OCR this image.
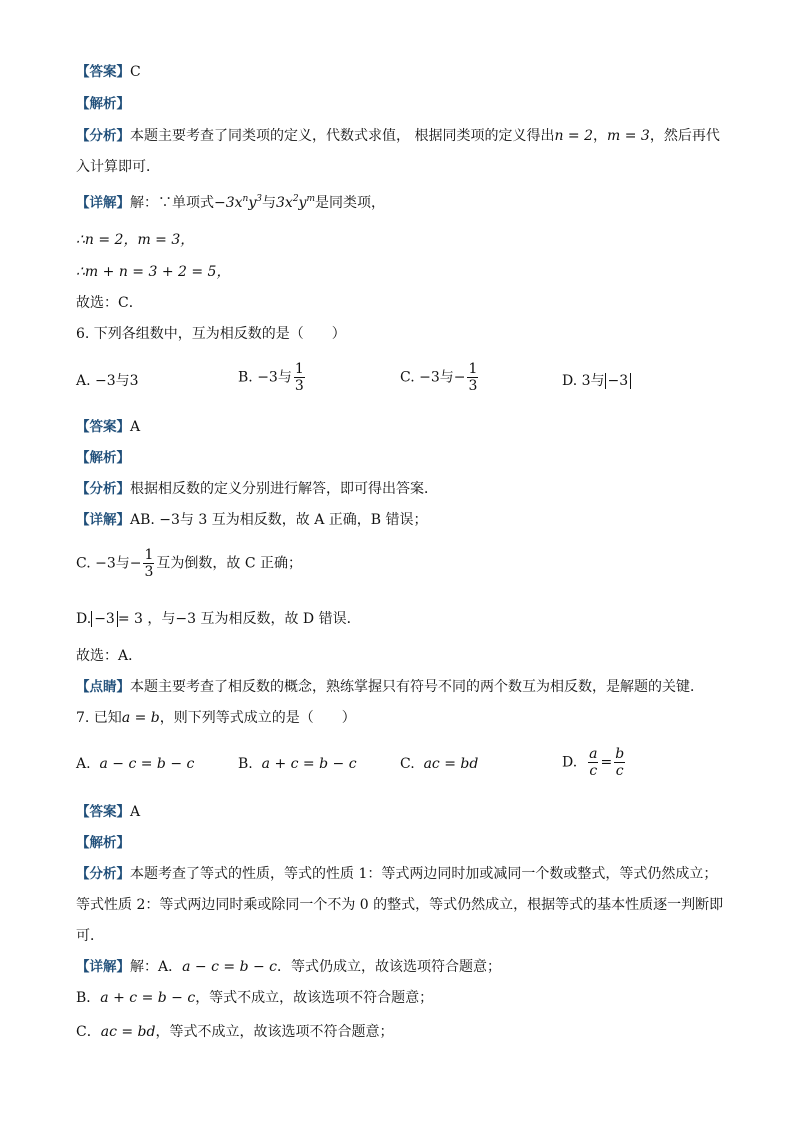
【答案】C
【解析】
【分析】本题主要考查了同类项的定义，代数式求值， 根据同类项的定义得出n = 2，m = 3，然后再代
入计算即可．
【详解】解：∵单项式$-3x^ny^3$与$3x^2y^m$是同类项，
∴n = 2，m = 3，
∴m + n = 3 + 2 = 5，
故选：C．
6. 下列各组数中，互为相反数的是（　　）
A. −3与3	B. −3与 $\frac{1}{3}$	C. −3与− $\frac{1}{3}$	D. 3与 −3
【答案】A
【解析】
【分析】根据相反数的定义分别进行解答，即可得出答案．
【详解】AB. −3与 3 互为相反数，故 A 正确，B 错误；
C. −3与− $\frac{1}{3}$ 互为倒数，故 C 正确；
D. −3 = 3 ，与−3 互为相反数，故 D 错误．
故选：A．
【点睛】本题主要考查了相反数的概念，熟练掌握只有符号不同的两个数互为相反数，是解题的关键．
7. 已知a = b，则下列等式成立的是（　　）
A. a − c = b − c	B. a + c = b − c	C. ac = bd	D. $\frac{a}{c} = \frac{b}{c}$
【答案】A
【解析】
【分析】本题考查了等式的性质，等式的性质 1：等式两边同时加或减同一个数或整式，等式仍然成立；
等式性质 2：等式两边同时乘或除同一个不为 0 的整式，等式仍然成立，根据等式的基本性质逐一判断即
可．
【详解】解：A．a − c = b − c．等式仍成立，故该选项符合题意；
B．a + c = b − c，等式不成立，故该选项不符合题意；
C．ac = bd，等式不成立，故该选项不符合题意；
